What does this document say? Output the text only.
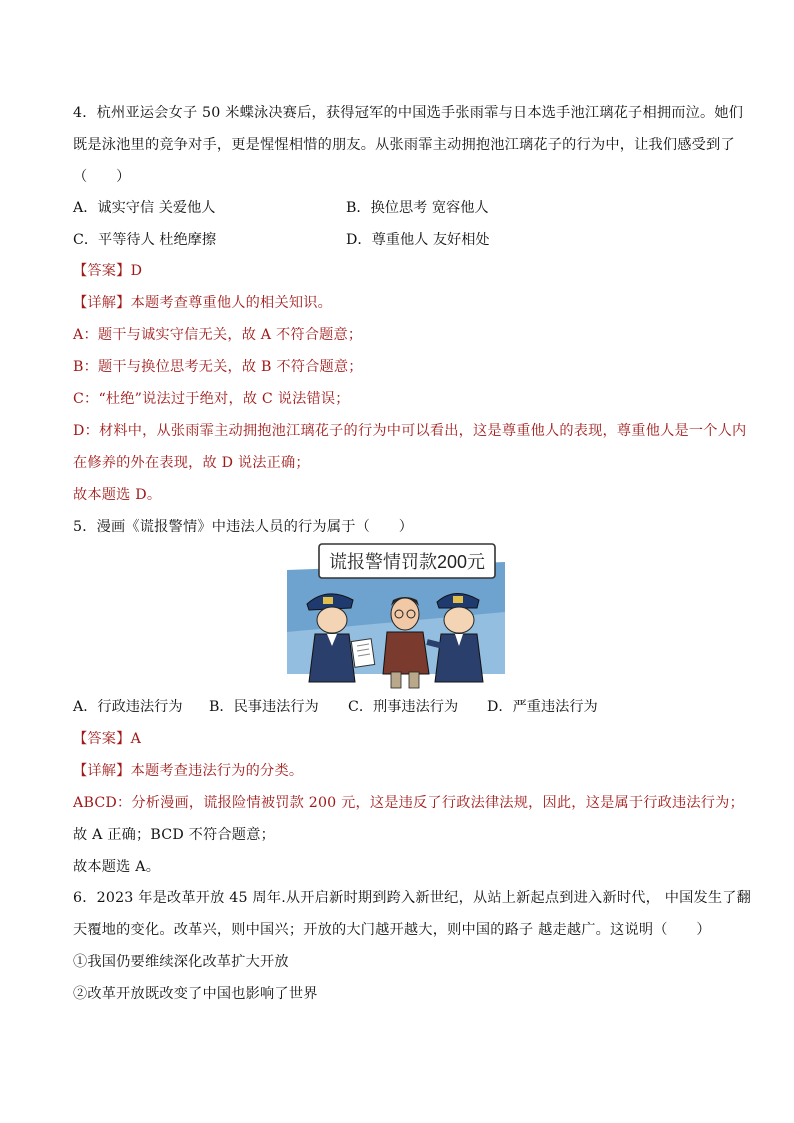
4．杭州亚运会女子 50 米蝶泳决赛后，获得冠军的中国选手张雨霏与日本选手池江璃花子相拥而泣。她们
既是泳池里的竞争对手，更是惺惺相惜的朋友。从张雨霏主动拥抱池江璃花子的行为中，让我们感受到了
（　　）
A．诚实守信 关爱他人	B．换位思考 宽容他人
C．平等待人 杜绝摩擦	D．尊重他人 友好相处
【答案】D
【详解】本题考查尊重他人的相关知识。
A：题干与诚实守信无关，故 A 不符合题意；
B：题干与换位思考无关，故 B 不符合题意；
C：“杜绝”说法过于绝对，故 C 说法错误；
D：材料中，从张雨霏主动拥抱池江璃花子的行为中可以看出，这是尊重他人的表现，尊重他人是一个人内
在修养的外在表现，故 D 说法正确；
故本题选 D。
5．漫画《谎报警情》中违法人员的行为属于（　　）
谎报警情罚款200元
A．行政违法行为 B．民事违法行为 C．刑事违法行为 D．严重违法行为
【答案】A
【详解】本题考查违法行为的分类。
ABCD：分析漫画，谎报险情被罚款 200 元，这是违反了行政法律法规，因此，这是属于行政违法行为；
故 A 正确；BCD 不符合题意；
故本题选 A。
6．2023 年是改革开放 45 周年.从开启新时期到跨入新世纪，从站上新起点到进入新时代， 中国发生了翻
天覆地的变化。改革兴，则中国兴；开放的大门越开越大，则中国的路子 越走越广。这说明（　　）
①我国仍要维续深化改革扩大开放
②改革开放既改变了中国也影响了世界
